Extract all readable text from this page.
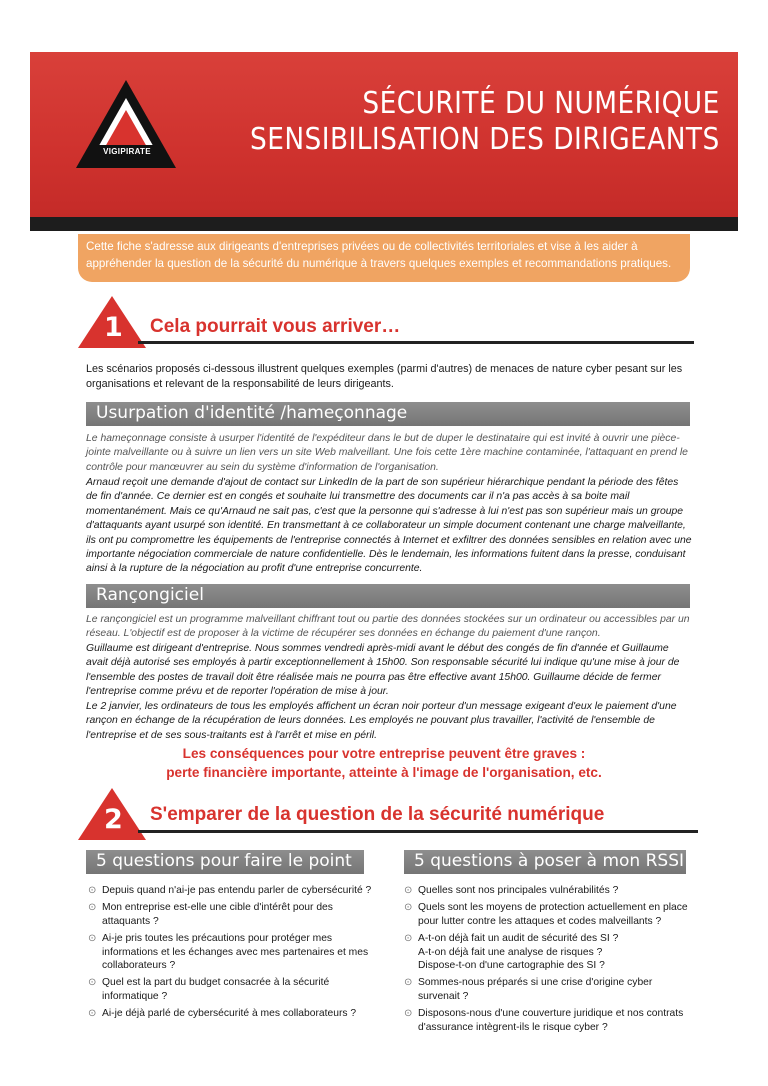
VIGIPIRATE
SÉCURITÉ DU NUMÉRIQUE
SENSIBILISATION DES DIRIGEANTS
Cette fiche s'adresse aux dirigeants d'entreprises privées ou de collectivités territoriales et vise à les aider à appréhender la question de la sécurité du numérique à travers quelques exemples et recommandations pratiques.
1 Cela pourrait vous arriver…
Les scénarios proposés ci-dessous illustrent quelques exemples (parmi d'autres) de menaces de nature cyber pesant sur les organisations et relevant de la responsabilité de leurs dirigeants.
Usurpation d'identité /hameçonnage
Le hameçonnage consiste à usurper l'identité de l'expéditeur dans le but de duper le destinataire qui est invité à ouvrir une pièce-jointe malveillante ou à suivre un lien vers un site Web malveillant. Une fois cette 1ère machine contaminée, l'attaquant en prend le contrôle pour manœuvrer au sein du système d'information de l'organisation.
Arnaud reçoit une demande d'ajout de contact sur LinkedIn de la part de son supérieur hiérarchique pendant la période des fêtes de fin d'année. Ce dernier est en congés et souhaite lui transmettre des documents car il n'a pas accès à sa boite mail momentanément. Mais ce qu'Arnaud ne sait pas, c'est que la personne qui s'adresse à lui n'est pas son supérieur mais un groupe d'attaquants ayant usurpé son identité. En transmettant à ce collaborateur un simple document contenant une charge malveillante, ils ont pu compromettre les équipements de l'entreprise connectés à Internet et exfiltrer des données sensibles en relation avec une importante négociation commerciale de nature confidentielle. Dès le lendemain, les informations fuitent dans la presse, conduisant ainsi à la rupture de la négociation au profit d'une entreprise concurrente.
Rançongiciel
Le rançongiciel est un programme malveillant chiffrant tout ou partie des données stockées sur un ordinateur ou accessibles par un réseau. L'objectif est de proposer à la victime de récupérer ses données en échange du paiement d'une rançon.
Guillaume est dirigeant d'entreprise. Nous sommes vendredi après-midi avant le début des congés de fin d'année et Guillaume avait déjà autorisé ses employés à partir exceptionnellement à 15h00. Son responsable sécurité lui indique qu'une mise à jour de l'ensemble des postes de travail doit être réalisée mais ne pourra pas être effective avant 15h00. Guillaume décide de fermer l'entreprise comme prévu et de reporter l'opération de mise à jour.
Le 2 janvier, les ordinateurs de tous les employés affichent un écran noir porteur d'un message exigeant d'eux le paiement d'une rançon en échange de la récupération de leurs données. Les employés ne pouvant plus travailler, l'activité de l'ensemble de l'entreprise et de ses sous-traitants est à l'arrêt et mise en péril.
Les conséquences pour votre entreprise peuvent être graves :
perte financière importante, atteinte à l'image de l'organisation, etc.
2 S'emparer de la question de la sécurité numérique
5 questions pour faire le point
⊙ Depuis quand n'ai-je pas entendu parler de cybersécurité ?
⊙ Mon entreprise est-elle une cible d'intérêt pour des attaquants ?
⊙ Ai-je pris toutes les précautions pour protéger mes informations et les échanges avec mes partenaires et mes collaborateurs ?
⊙ Quel est la part du budget consacrée à la sécurité informatique ?
⊙ Ai-je déjà parlé de cybersécurité à mes collaborateurs ?
5 questions à poser à mon RSSI
⊙ Quelles sont nos principales vulnérabilités ?
⊙ Quels sont les moyens de protection actuellement en place pour lutter contre les attaques et codes malveillants ?
⊙ A-t-on déjà fait un audit de sécurité des SI ?
A-t-on déjà fait une analyse de risques ?
Dispose-t-on d'une cartographie des SI ?
⊙ Sommes-nous préparés si une crise d'origine cyber survenait ?
⊙ Disposons-nous d'une couverture juridique et nos contrats d'assurance intègrent-ils le risque cyber ?
